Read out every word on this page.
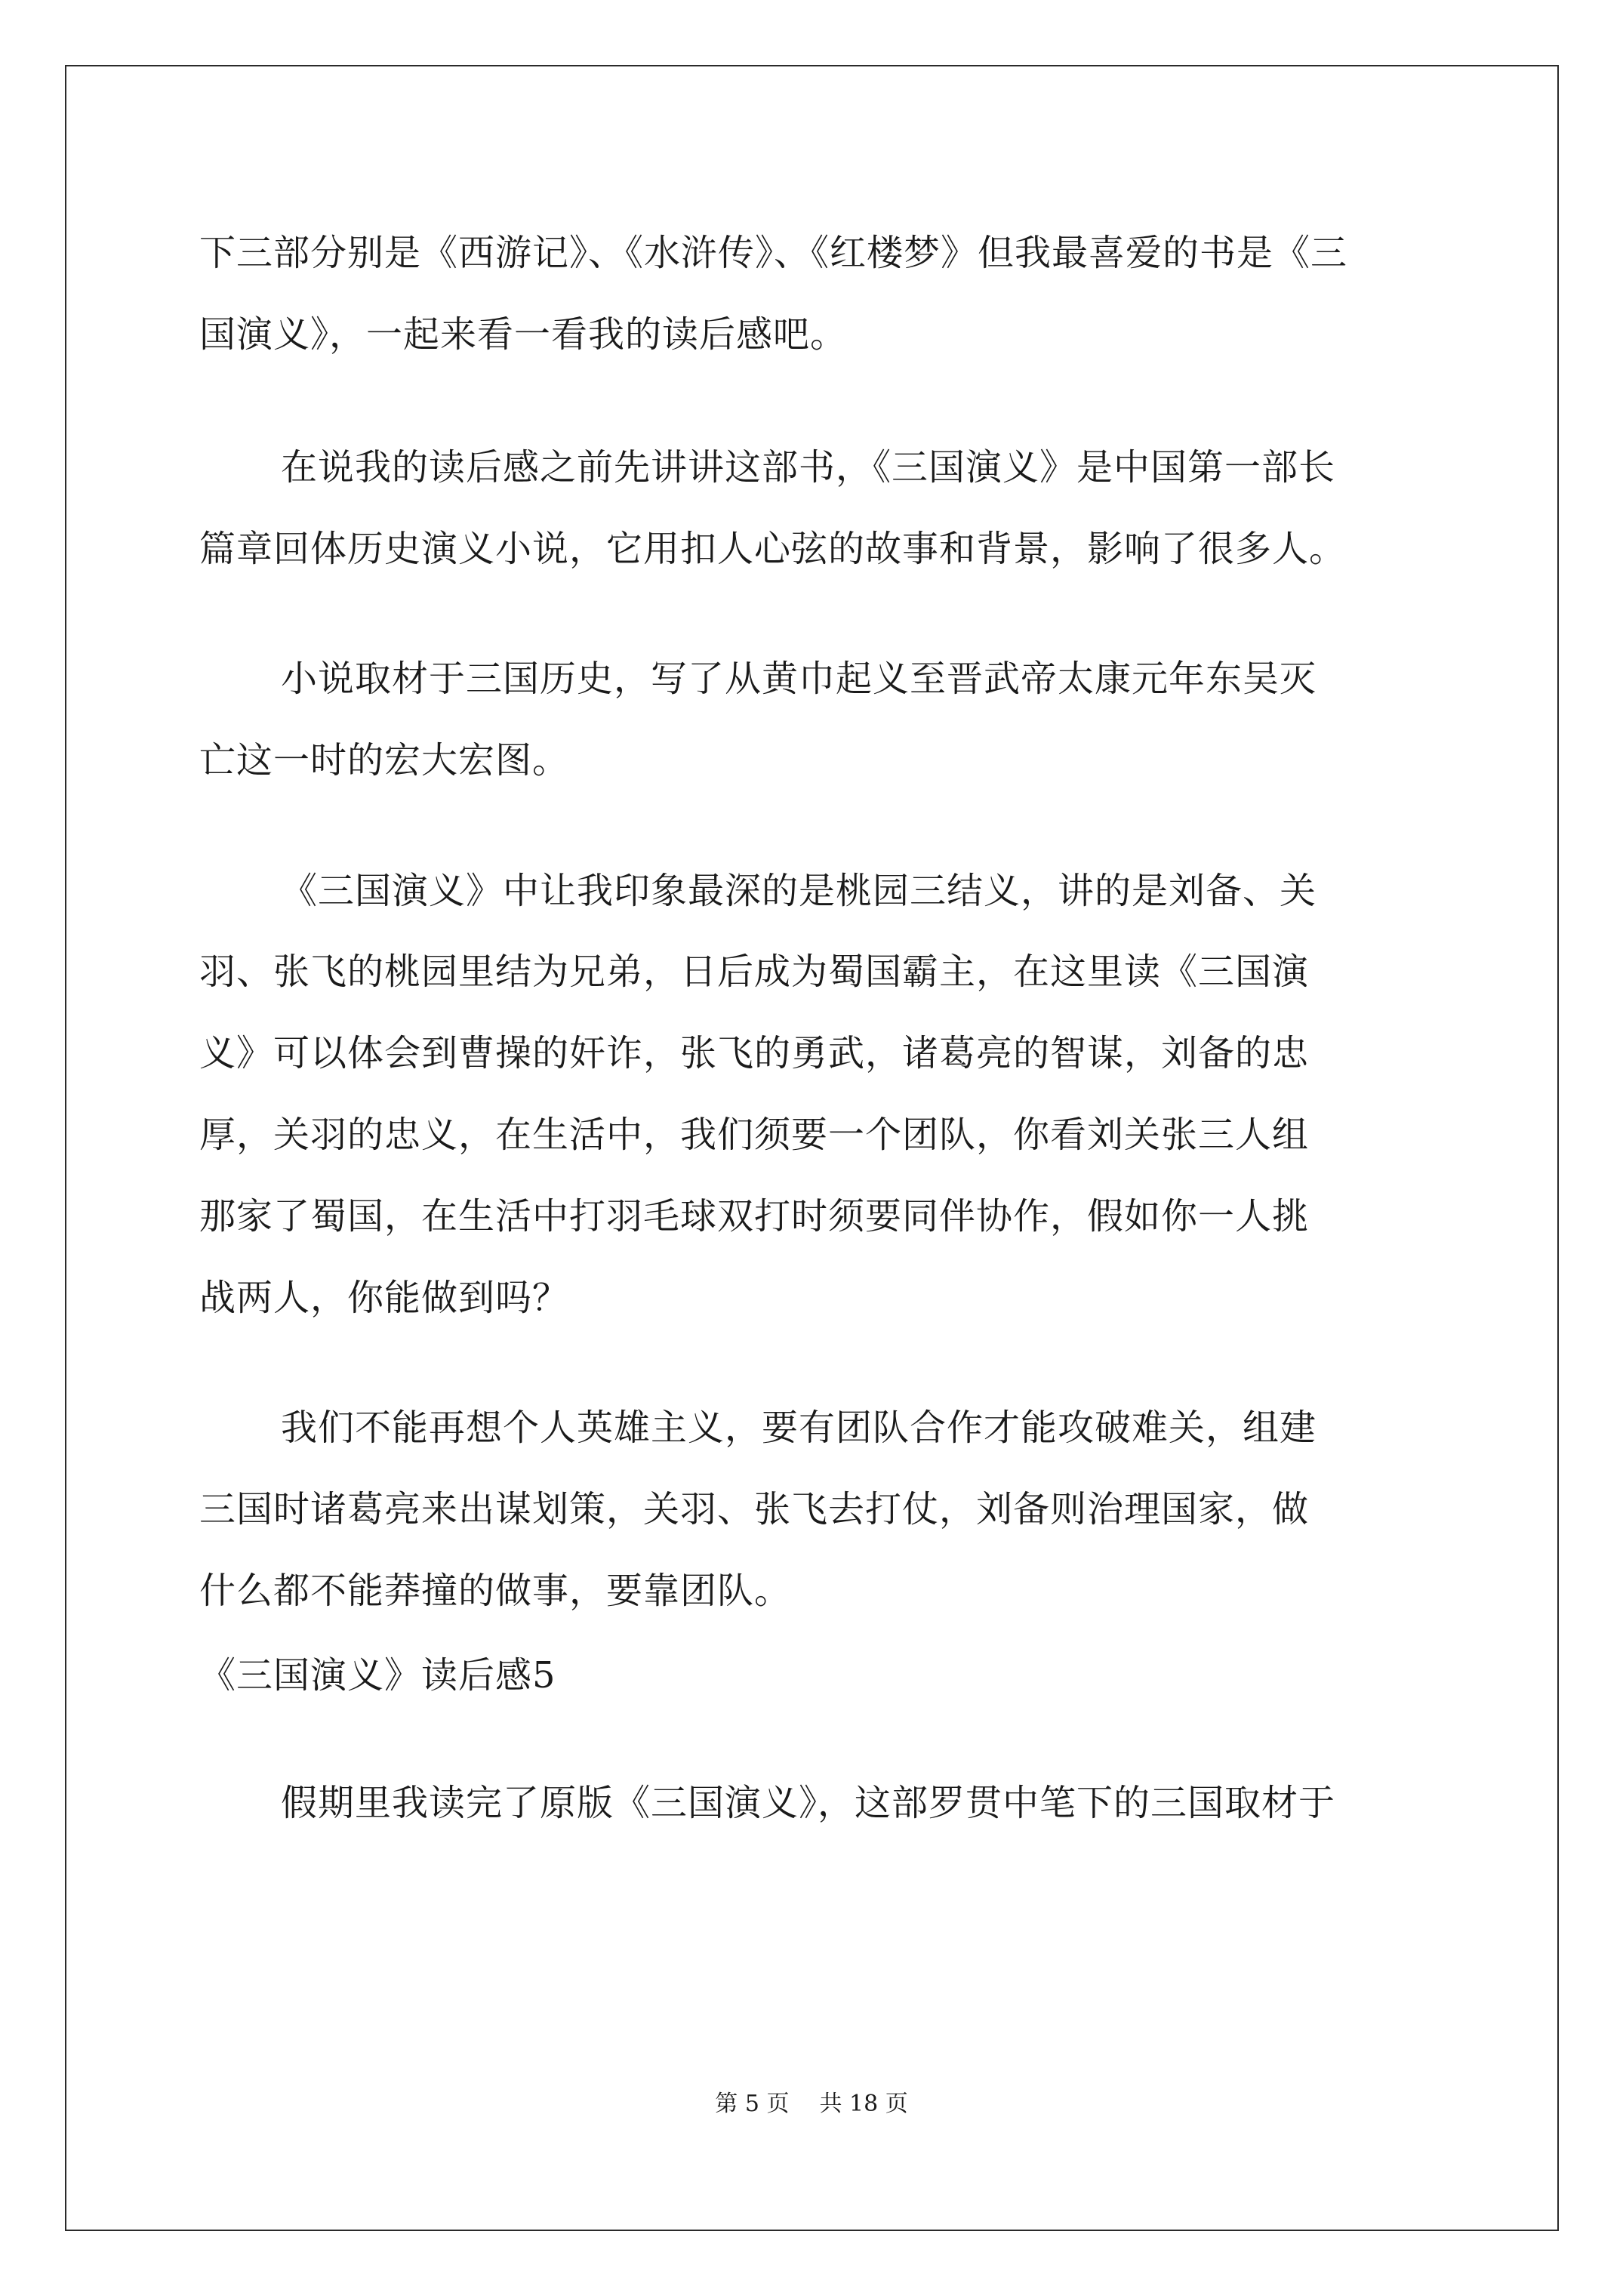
下三部分别是《西游记》、《水浒传》、《红楼梦》但我最喜爱的书是《三
国演义》，一起来看一看我的读后感吧。
在说我的读后感之前先讲讲这部书，《三国演义》是中国第一部长
篇章回体历史演义小说，它用扣人心弦的故事和背景，影响了很多人。
小说取材于三国历史，写了从黄巾起义至晋武帝太康元年东吴灭
亡这一时的宏大宏图。
《三国演义》中让我印象最深的是桃园三结义，讲的是刘备、关
羽、张飞的桃园里结为兄弟，日后成为蜀国霸主，在这里读《三国演
义》可以体会到曹操的奸诈，张飞的勇武，诸葛亮的智谋，刘备的忠
厚，关羽的忠义，在生活中，我们须要一个团队，你看刘关张三人组
那家了蜀国，在生活中打羽毛球双打时须要同伴协作，假如你一人挑
战两人，你能做到吗？
我们不能再想个人英雄主义，要有团队合作才能攻破难关，组建
三国时诸葛亮来出谋划策，关羽、张飞去打仗，刘备则治理国家，做
什么都不能莽撞的做事，要靠团队。
《三国演义》读后感5
假期里我读完了原版《三国演义》，这部罗贯中笔下的三国取材于
第 5 页 共 18 页
